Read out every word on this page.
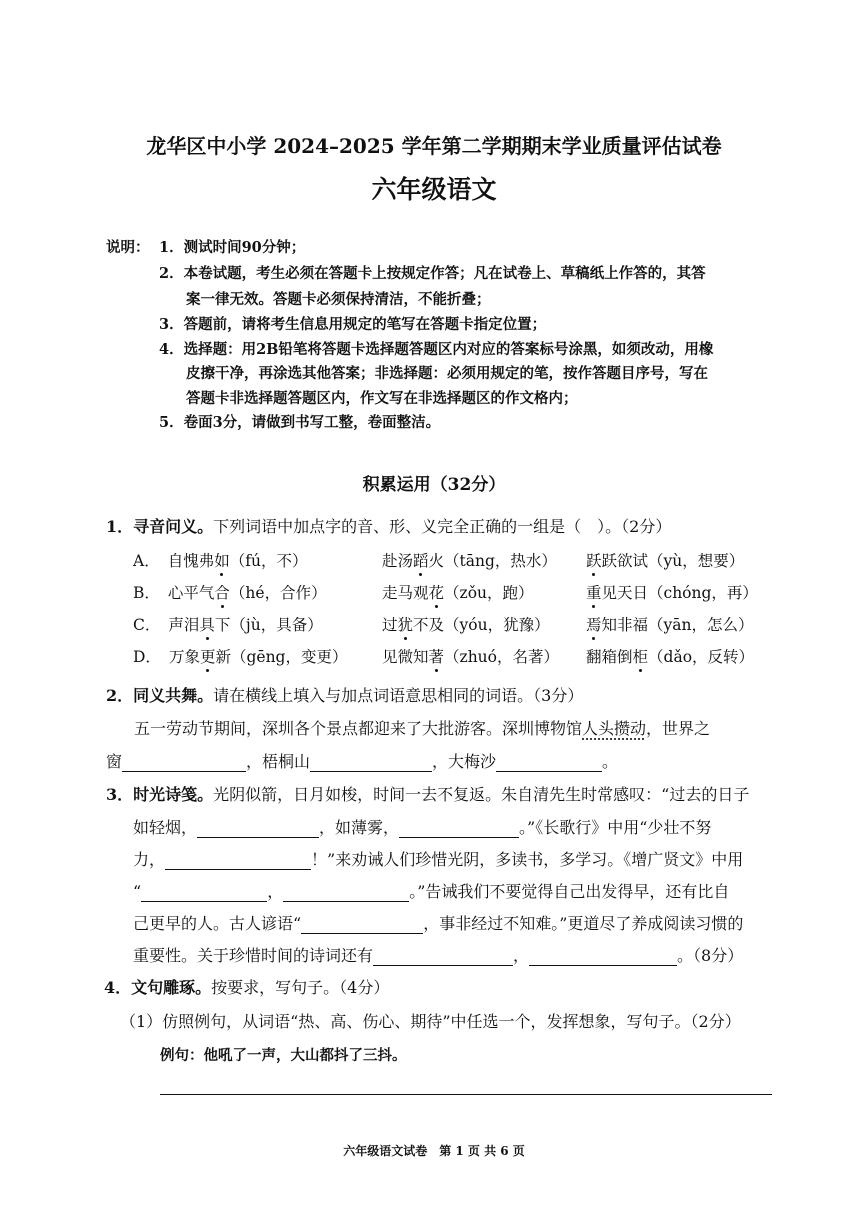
龙华区中小学 2024–2025 学年第二学期期末学业质量评估试卷
六年级语文
说明： 1．测试时间90分钟；
2．本卷试题，考生必须在答题卡上按规定作答；凡在试卷上、草稿纸上作答的，其答
案一律无效。答题卡必须保持清洁，不能折叠；
3．答题前，请将考生信息用规定的笔写在答题卡指定位置；
4．选择题：用2B铅笔将答题卡选择题答题区内对应的答案标号涂黑，如须改动，用橡
皮擦干净，再涂选其他答案；非选择题：必须用规定的笔，按作答题目序号，写在
答题卡非选择题答题区内，作文写在非选择题区的作文格内；
5．卷面3分，请做到书写工整，卷面整洁。
积累运用（32分）
1．寻音问义。下列词语中加点字的音、形、义完全正确的一组是（　）。（2分）
A． 自愧弗如（fú，不）	赴汤蹈火（tāng，热水） 跃跃欲试（yù，想要）
B． 心平气合（hé，合作）	走马观花（zǒu，跑）	重见天日（chóng，再）
C． 声泪具下（jù，具备）	过犹不及（yóu，犹豫） 焉知非福（yān，怎么）
D． 万象更新（gēng，变更） 见微知著（zhuó，名著） 翻箱倒柜（dǎo，反转）
2．同义共舞。请在横线上填入与加点词语意思相同的词语。（3分）
五一劳动节期间，深圳各个景点都迎来了大批游客。深圳博物馆人头攒动，世界之
窗	，梧桐山	，大梅沙	。
3．时光诗笺。光阴似箭，日月如梭，时间一去不复返。朱自清先生时常感叹：“过去的日子
如轻烟，	，如薄雾，	。”《长歌行》中用“少壮不努
力，	！”来劝诫人们珍惜光阴，多读书，多学习。《增广贤文》中用
“	，	。”告诫我们不要觉得自己出发得早，还有比自
己更早的人。古人谚语“	，事非经过不知难。”更道尽了养成阅读习惯的
重要性。关于珍惜时间的诗词还有	，	。（8分）
4．文句雕琢。按要求，写句子。（4分）
（1）仿照例句，从词语“热、高、伤心、期待”中任选一个，发挥想象，写句子。（2分）
例句：他吼了一声，大山都抖了三抖。
六年级语文试卷　第 1 页 共 6 页
